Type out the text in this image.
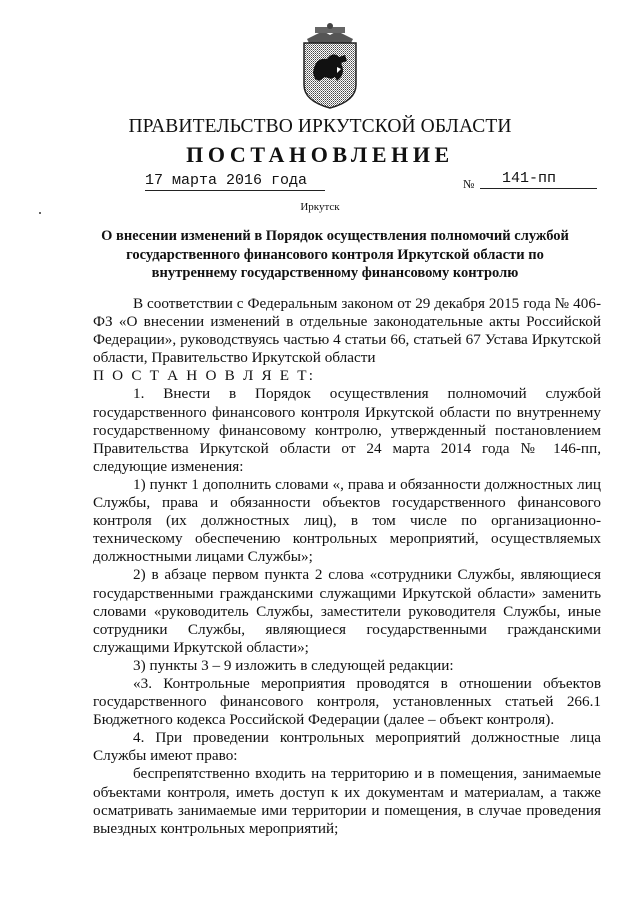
ПРАВИТЕЛЬСТВО ИРКУТСКОЙ ОБЛАСТИ
ПОСТАНОВЛЕНИЕ
17 марта 2016 года	№	141-пп
Иркутск
О внесении изменений в Порядок осуществления полномочий службой государственного финансового контроля Иркутской области по внутреннему государственному финансовому контролю

В соответствии с Федеральным законом от 29 декабря 2015 года № 406-ФЗ «О внесении изменений в отдельные законодательные акты Российской Федерации», руководствуясь частью 4 статьи 66, статьей 67 Устава Иркутской области, Правительство Иркутской области

П О С Т А Н О В Л Я Е Т:

1. Внести в Порядок осуществления полномочий службой государственного финансового контроля Иркутской области по внутреннему государственному финансовому контролю, утвержденный постановлением Правительства Иркутской области от 24 марта 2014 года № 146-пп, следующие изменения:

1) пункт 1 дополнить словами «, права и обязанности должностных лиц Службы, права и обязанности объектов государственного финансового контроля (их должностных лиц), в том числе по организационно-техническому обеспечению контрольных мероприятий, осуществляемых должностными лицами Службы»;

2) в абзаце первом пункта 2 слова «сотрудники Службы, являющиеся государственными гражданскими служащими Иркутской области» заменить словами «руководитель Службы, заместители руководителя Службы, иные сотрудники Службы, являющиеся государственными гражданскими служащими Иркутской области»;

3) пункты 3 – 9 изложить в следующей редакции:

«3. Контрольные мероприятия проводятся в отношении объектов государственного финансового контроля, установленных статьей 266.1 Бюджетного кодекса Российской Федерации (далее – объект контроля).

4. При проведении контрольных мероприятий должностные лица Службы имеют право:

беспрепятственно входить на территорию и в помещения, занимаемые объектами контроля, иметь доступ к их документам и материалам, а также осматривать занимаемые ими территории и помещения, в случае проведения выездных контрольных мероприятий;
